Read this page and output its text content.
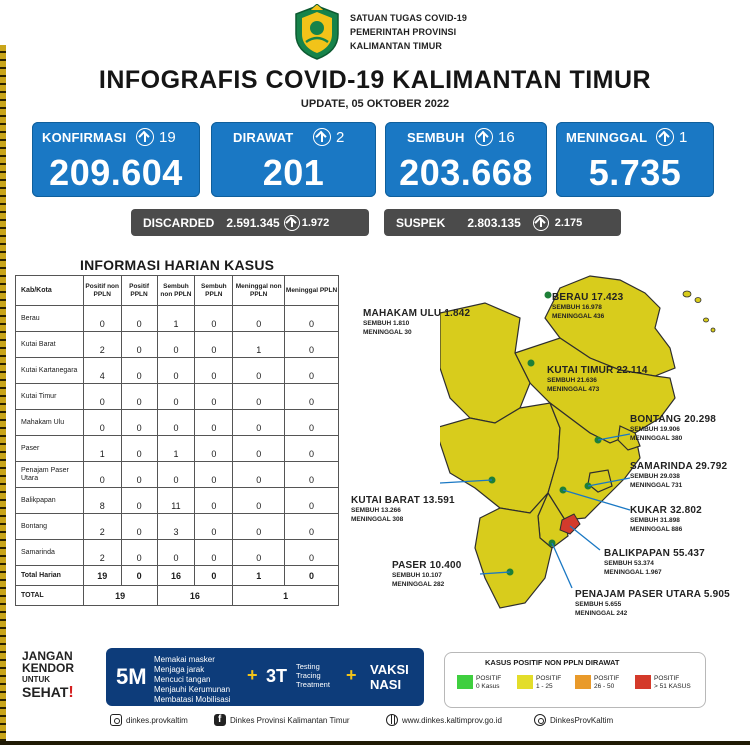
SATUAN TUGAS COVID-19
PEMERINTAH PROVINSI
KALIMANTAN TIMUR
INFOGRAFIS COVID-19 KALIMANTAN TIMUR
UPDATE, 05 OKTOBER 2022
KONFIRMASI 19
209.604
DIRAWAT	2
201
SEMBUH 16
203.668
MENINGGAL 1
5.735
DISCARDED 2.591.345 1.972	SUSPEK 2.803.135	2.175
INFORMASI HARIAN KASUS
Kab/Kota	Positif non PPLN	Positif PPLN	Sembuh non PPLN	Sembuh PPLN	Meninggal non PPLN	Meninggal PPLN
Berau	0	0	1	0	0	0
Kutai Barat	2	0	0	0	1	0
Kutai Kartanegara	4	0	0	0	0	0
Kutai Timur	0	0	0	0	0	0
Mahakam Ulu	0	0	0	0	0	0
Paser	1	0	1	0	0	0
Penajam Paser Utara	0	0	0	0	0	0
Balikpapan	8	0	11	0	0	0
Bontang	2	0	3	0	0	0
Samarinda	2	0	0	0	0	0
Total Harian	19	0	16	0	1	0
TOTAL	19		16		1	
BERAU 17.423
SEMBUH 16.978
MENINGGAL 436
MAHAKAM ULU 1.842
SEMBUH 1.810
MENINGGAL 30
KUTAI TIMUR 22.114
SEMBUH 21.636
MENINGGAL 473
BONTANG 20.298
SEMBUH 19.906
MENINGGAL 380
SAMARINDA 29.792
SEMBUH 29.038
MENINGGAL 731
KUTAI BARAT 13.591
SEMBUH 13.266
MENINGGAL 308
KUKAR 32.802
SEMBUH 31.898
MENINGGAL 886
BALIKPAPAN 55.437
SEMBUH 53.374
MENINGGAL 1.967
PASER 10.400
SEMBUH 10.107
MENINGGAL 282
PENAJAM PASER UTARA 5.905
SEMBUH 5.655
MENINGGAL 242
JANGAN
KENDOR
UNTUK
SEHAT!
5M
Memakai masker
Menjaga jarak
Mencuci tangan
Menjauhi Kerumunan
Membatasi Mobilisasi
+ 3T Testing
Tracing
Treatment + VAKSI
NASI
KASUS POSITIF NON PPLN DIRAWAT
POSITIF
0 Kasus
POSITIF
1 - 25
POSITIF
26 - 50
POSITIF
> 51 KASUS
dinkes.provkaltim f	Dinkes Provinsi Kalimantan Timur	www.dinkes.kaltimprov.go.id	DinkesProvKaltim
